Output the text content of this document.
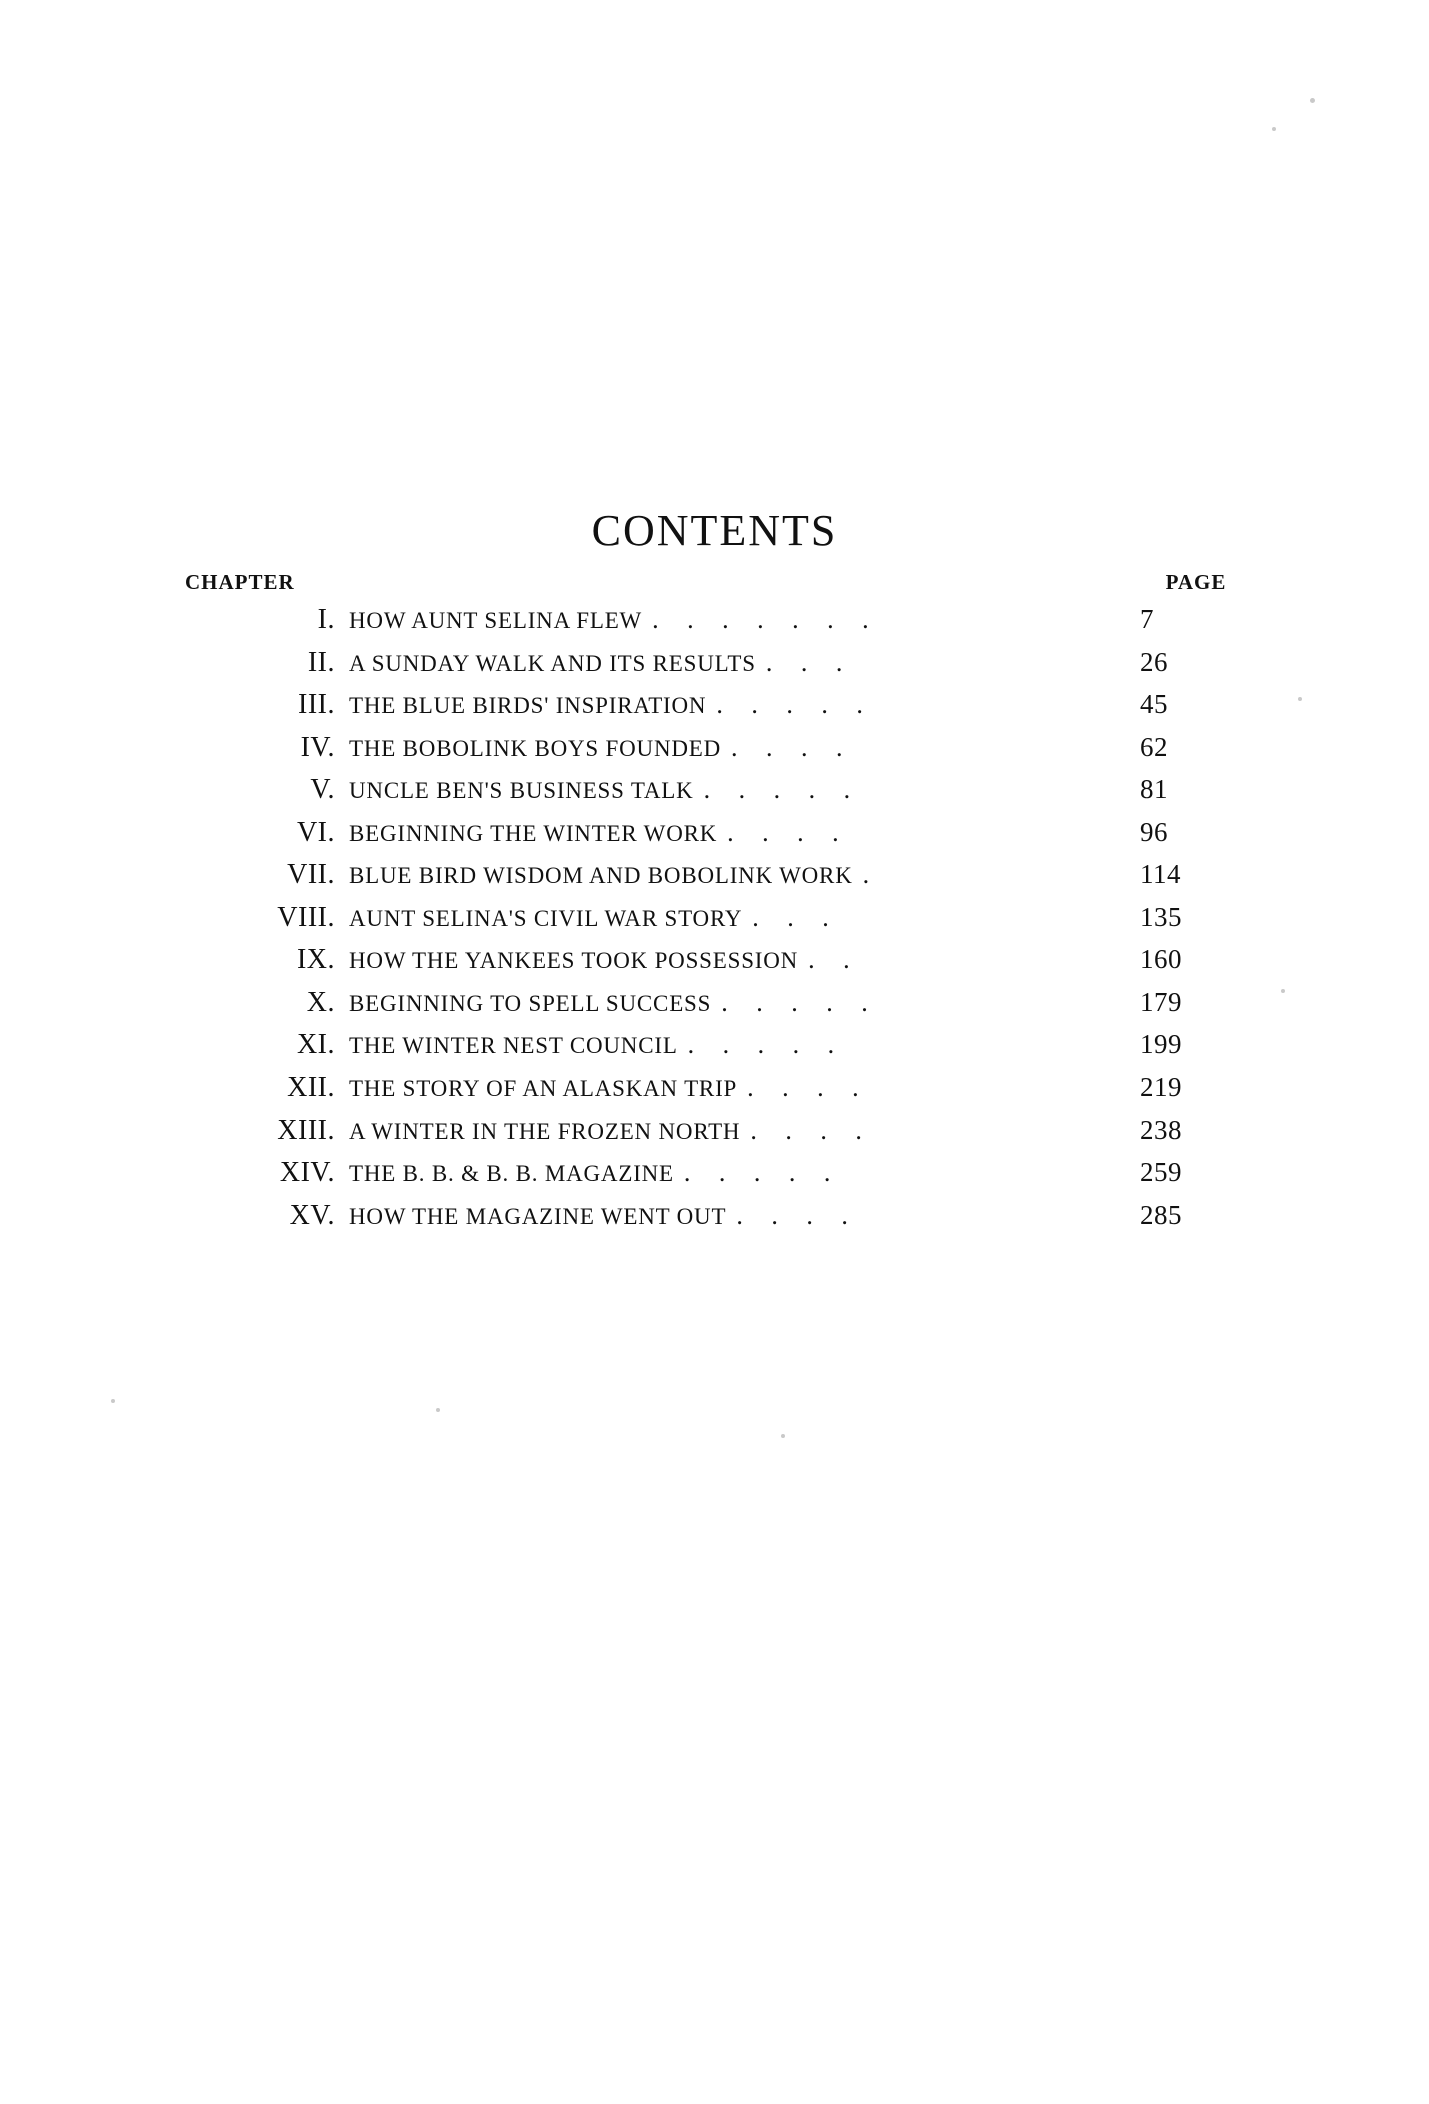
CONTENTS
CHAPTER	PAGE
I. HOW AUNT SELINA FLEW . . . . . . .	7
II. A SUNDAY WALK AND ITS RESULTS . . .	26
III. THE BLUE BIRDS' INSPIRATION . . . . .	45
IV. THE BOBOLINK BOYS FOUNDED . . . .	62
V. UNCLE BEN'S BUSINESS TALK . . . . .	81
VI. BEGINNING THE WINTER WORK . . . .	96
VII. BLUE BIRD WISDOM AND BOBOLINK WORK .	114
VIII. AUNT SELINA'S CIVIL WAR STORY . . .	135
IX. HOW THE YANKEES TOOK POSSESSION . .	160
X. BEGINNING TO SPELL SUCCESS . . . . .	179
XI. THE WINTER NEST COUNCIL . . . . .	199
XII. THE STORY OF AN ALASKAN TRIP . . . .	219
XIII. A WINTER IN THE FROZEN NORTH . . . .	238
XIV. THE B. B. & B. B. MAGAZINE . . . . .	259
XV. HOW THE MAGAZINE WENT OUT . . . .	285
